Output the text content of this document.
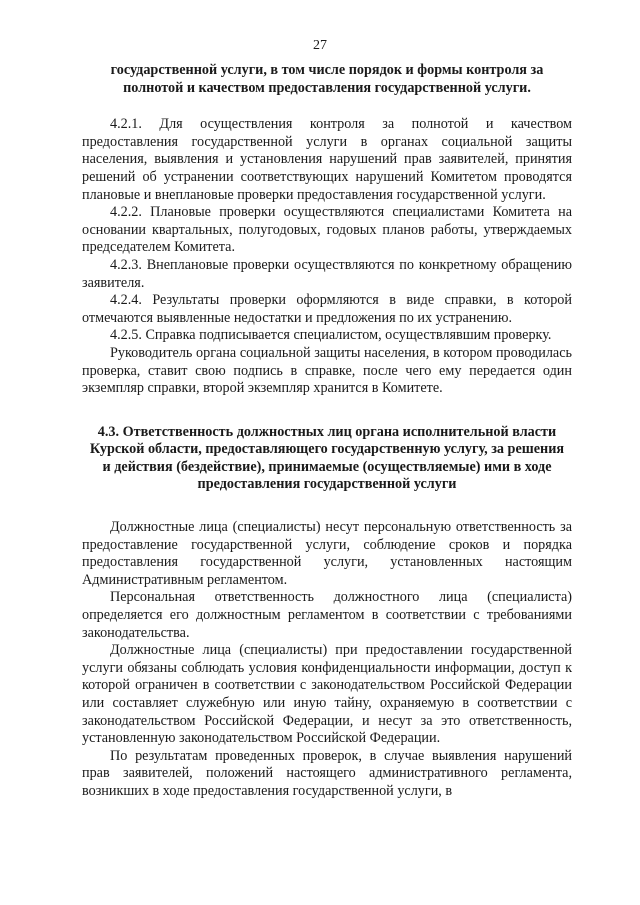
27

государственной услуги, в том числе порядок и формы контроля за полнотой и качеством предоставления государственной услуги.

4.2.1. Для осуществления контроля за полнотой и качеством предоставления государственной услуги в органах социальной защиты населения, выявления и установления нарушений прав заявителей, принятия решений об устранении соответствующих нарушений Комитетом проводятся плановые и внеплановые проверки предоставления государственной услуги.

4.2.2. Плановые проверки осуществляются специалистами Комитета на основании квартальных, полугодовых, годовых планов работы, утверждаемых председателем Комитета.

4.2.3. Внеплановые проверки осуществляются по конкретному обращению заявителя.

4.2.4. Результаты проверки оформляются в виде справки, в которой отмечаются выявленные недостатки и предложения по их устранению.

4.2.5. Справка подписывается специалистом, осуществлявшим проверку.

Руководитель органа социальной защиты населения, в котором проводилась проверка, ставит свою подпись в справке, после чего ему передается один экземпляр справки, второй экземпляр хранится в Комитете.

4.3. Ответственность должностных лиц органа исполнительной власти Курской области, предоставляющего государственную услугу, за решения и действия (бездействие), принимаемые (осуществляемые) ими в ходе предоставления государственной услуги

Должностные лица (специалисты) несут персональную ответственность за предоставление государственной услуги, соблюдение сроков и порядка предоставления государственной услуги, установленных настоящим Административным регламентом.

Персональная ответственность должностного лица (специалиста) определяется его должностным регламентом в соответствии с требованиями законодательства.

Должностные лица (специалисты) при предоставлении государственной услуги обязаны соблюдать условия конфиденциальности информации, доступ к которой ограничен в соответствии с законодательством Российской Федерации или составляет служебную или иную тайну, охраняемую в соответствии с законодательством Российской Федерации, и несут за это ответственность, установленную законодательством Российской Федерации.

По результатам проведенных проверок, в случае выявления нарушений прав заявителей, положений настоящего административного регламента, возникших в ходе предоставления государственной услуги, в
